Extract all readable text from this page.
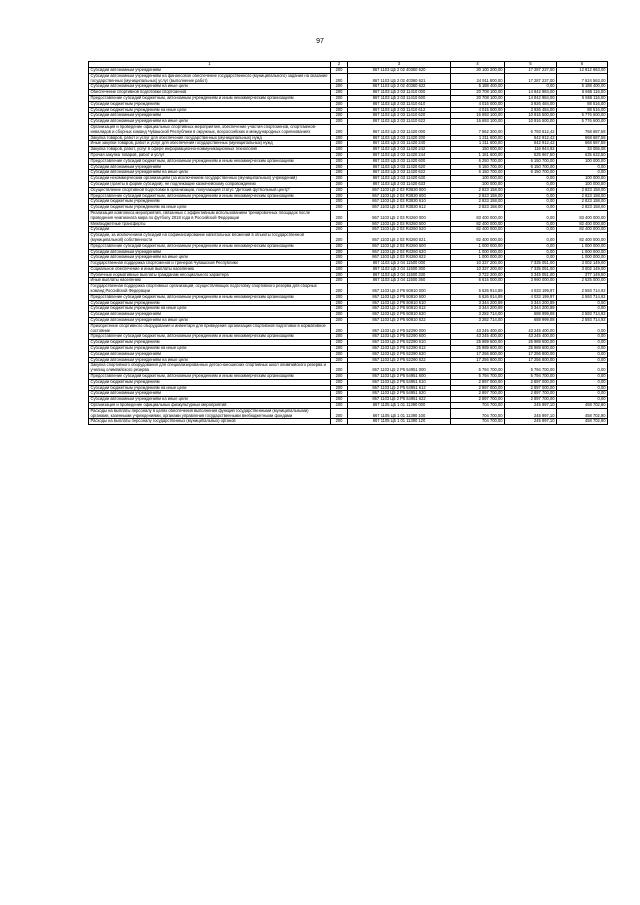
97
1	2	3	4	5	6
Субсидии автономным учреждениям	200	867 1103 Ц5 2 02 40360 620	30 100 200,00	17 287 237,00	12 812 963,00
Субсидии автономным учреждениям на финансовое обеспечение государственного (муниципального) задания на оказание государственных (муниципальных) услуг (выполнение работ)	200	867 1103 Ц5 2 02 40360 621	24 911 800,00	17 287 237,00	7 624 563,00
Субсидии автономным учреждениям на иные цели	200	867 1103 Ц5 2 02 40360 622	5 188 400,00	0,00	5 188 400,00
Обеспечение спортивной подготовки спортсменов	200	867 1103 Ц5 2 03 11410 000	20 708 100,00	14 842 984,00	5 865 116,00
Предоставление субсидий бюджетным, автономным учреждениям и иным некоммерческим организациям	200	867 1103 Ц5 2 03 11410 600	20 708 100,00	14 842 984,00	5 865 116,00
Субсидии бюджетным учреждениям	200	867 1103 Ц5 2 03 11410 610	4 015 000,00	3 926 484,00	88 516,00
Субсидии бюджетным учреждениям на иные цели	200	867 1103 Ц5 2 03 11410 612	4 015 000,00	3 926 484,00	88 516,00
Субсидии автономным учреждениям	200	867 1103 Ц5 2 03 11410 620	16 693 100,00	10 916 500,00	5 776 600,00
Субсидии автономным учреждениям на иные цели	200	867 1103 Ц5 2 03 11410 622	16 693 100,00	10 916 500,00	5 776 600,00
Организация и проведение официальных спортивных мероприятий, обеспечение участия спортсменов, спортсменов-инвалидов и сборных команд Чувашской Республики в окружных, всероссийских и международных соревнованиях	200	867 1103 Ц5 2 03 11420 000	7 562 300,00	6 793 612,42	768 687,58
Закупка товаров, работ и услуг для обеспечения государственных (муниципальных) нужд	200	867 1103 Ц5 2 03 11420 200	1 311 600,00	642 912,42	668 687,58
Иные закупки товаров, работ и услуг для обеспечения государственных (муниципальных) нужд	200	867 1103 Ц5 2 03 11420 240	1 311 600,00	642 912,42	668 687,58
Закупка товаров, работ, услуг в сфере информационно-коммуникационных технологий	200	867 1103 Ц5 2 03 11420 242	150 000,00	116 944,92	33 055,08
Прочая закупка товаров, работ и услуг	200	867 1103 Ц5 2 03 11420 244	1 161 600,00	525 967,50	635 632,50
Предоставление субсидий бюджетным, автономным учреждениям и иным некоммерческим организациям	200	867 1103 Ц5 2 03 11420 600	6 250 700,00	6 150 700,00	100 000,00
Субсидии автономным учреждениям	200	867 1103 Ц5 2 03 11420 620	6 150 700,00	6 150 700,00	0,00
Субсидии автономным учреждениям на иные цели	200	867 1103 Ц5 2 03 11420 622	6 150 700,00	6 150 700,00	0,00
Субсидии некоммерческим организациям (за исключением государственных (муниципальных) учреждений)	200	867 1103 Ц5 2 03 11420 630	100 000,00	0,00	100 000,00
Субсидии (гранты в форме субсидий), не подлежащие казначейскому сопровождению	200	867 1103 Ц5 2 03 11420 633	100 000,00	0,00	100 000,00
Осуществление спортивной подготовки в организации, получающей статус "Детский футбольный центр"	200	867 1103 Ц5 2 03 R3830 000	2 823 158,00	0,00	2 823 158,00
Предоставление субсидий бюджетным, автономным учреждениям и иным некоммерческим организациям	200	867 1103 Ц5 2 03 R3830 600	2 823 158,00	0,00	2 823 158,00
Субсидии бюджетным учреждениям	200	867 1103 Ц5 2 03 R3830 610	2 823 158,00	0,00	2 823 158,00
Субсидии бюджетным учреждениям на иные цели	200	867 1103 Ц5 2 03 R3830 612	2 823 158,00	0,00	2 823 158,00
Реализация комплекса мероприятий, связанных с эффективным использованием тренировочных площадок после проведения чемпионата мира по футболу 2018 года в Российской Федерации	200	867 1103 Ц5 2 03 R4260 000	83 400 000,00	0,00	83 400 000,00
Межбюджетные трансферты	200	867 1103 Ц5 2 03 R4260 500	82 400 000,00	0,00	82 400 000,00
Субсидии	200	867 1103 Ц5 2 03 R4260 520	82 400 000,00	0,00	82 400 000,00
Субсидии, за исключением субсидий на софинансирование капитальных вложений в объекты государственной (муниципальной) собственности	200	867 1103 Ц5 2 03 R4260 521	82 400 000,00	0,00	82 400 000,00
Предоставление субсидий бюджетным, автономным учреждениям и иным некоммерческим организациям	200	867 1103 Ц5 2 03 R4260 600	1 000 000,00	0,00	1 000 000,00
Субсидии автономным учреждениям	200	867 1103 Ц5 2 03 R4260 620	1 000 000,00	0,00	1 000 000,00
Субсидии автономным учреждениям на иные цели	200	867 1103 Ц5 2 03 R4260 622	1 000 000,00	0,00	1 000 000,00
Государственная поддержка спортсменов и тренеров Чувашской Республики	200	867 1103 Ц5 2 04 11500 000	10 337 200,00	7 335 051,00	3 002 149,00
Социальное обеспечение и иные выплаты населению	200	867 1103 Ц5 2 04 11500 300	10 337 200,00	7 335 051,00	3 002 149,00
Публичные нормативные выплаты гражданам несоциального характера	200	867 1103 Ц5 2 04 11500 330	3 722 200,00	3 345 051,00	377 149,00
Иные выплаты населению	200	867 1103 Ц5 2 04 11500 360	6 615 000,00	3 990 000,00	2 625 000,00
Государственная поддержка спортивных организаций, осуществляющих подготовку спортивного резерва для сборных команд Российской Федерации	200	867 1103 Ц5 2 P5 50810 000	6 626 914,89	4 033 199,97	2 593 714,92
Предоставление субсидий бюджетным, автономным учреждениям и иным некоммерческим организациям	200	867 1103 Ц5 2 P5 50810 600	6 626 914,89	4 033 199,97	2 593 714,92
Субсидии бюджетным учреждениям	200	867 1103 Ц5 2 P5 50810 610	3 344 200,89	3 344 200,89	0,00
Субсидии бюджетным учреждениям на иные цели	200	867 1103 Ц5 2 P5 50810 612	3 344 200,89	3 344 200,89	0,00
Субсидии автономным учреждениям	200	867 1103 Ц5 2 P5 50810 620	3 282 714,00	688 999,08	2 593 714,92
Субсидии автономным учреждениям на иные цели	200	867 1103 Ц5 2 P5 50810 622	3 282 714,00	688 999,08	2 593 714,92
Приобретение спортивного оборудования и инвентаря для приведения организаций спортивной подготовки в нормативное состояние	200	867 1103 Ц5 2 P5 52290 000	43 245 400,00	43 245 400,00	0,00
Предоставление субсидий бюджетным, автономным учреждениям и иным некоммерческим организациям	200	867 1103 Ц5 2 P5 52290 600	43 245 400,00	43 245 400,00	0,00
Субсидии бюджетным учреждениям	200	867 1103 Ц5 2 P5 52290 610	25 989 600,00	25 989 600,00	0,00
Субсидии бюджетным учреждениям на иные цели	200	867 1103 Ц5 2 P5 52290 612	25 989 600,00	25 989 600,00	0,00
Субсидии автономным учреждениям	200	867 1103 Ц5 2 P5 52290 620	17 256 800,00	17 256 800,00	0,00
Субсидии автономным учреждениям на иные цели	200	867 1103 Ц5 2 P5 52290 622	17 256 800,00	17 256 800,00	0,00
Закупка спортивного оборудования для специализированных детско-юношеских спортивных школ олимпийского резерва и училищ олимпийского резерва	200	867 1103 Ц5 2 P5 54951 000	5 794 700,00	5 794 700,00	0,00
Предоставление субсидий бюджетным, автономным учреждениям и иным некоммерческим организациям	200	867 1103 Ц5 2 P5 54951 600	5 794 700,00	5 794 700,00	0,00
Субсидии бюджетным учреждениям	200	867 1103 Ц5 2 P5 54951 610	2 897 000,00	2 897 000,00	0,00
Субсидии бюджетным учреждениям на иные цели	200	867 1103 Ц5 2 P5 54951 612	2 897 000,00	2 897 000,00	0,00
Субсидии автономным учреждениям	200	867 1103 Ц5 2 P5 54951 620	2 897 700,00	2 897 700,00	0,00
Субсидии автономным учреждениям на иные цели	200	867 1103 Ц5 2 P5 54951 622	2 897 700,00	2 897 700,00	0,00
Организация и проведение официальных физкультурных мероприятий	200	867 1105 Ц5 1 01 11390 000	704 700,00	245 997,10	458 702,90
Расходы на выплаты персоналу в целях обеспечения выполнения функций государственными (муниципальными) органами, казенными учреждениями, органами управления государственными внебюджетными фондами	200	867 1105 Ц5 1 01 11390 100	704 700,00	245 997,10	458 702,90
Расходы на выплаты персоналу государственных (муниципальных) органов	200	867 1105 Ц5 1 01 11390 120	704 700,00	245 997,10	458 702,90
